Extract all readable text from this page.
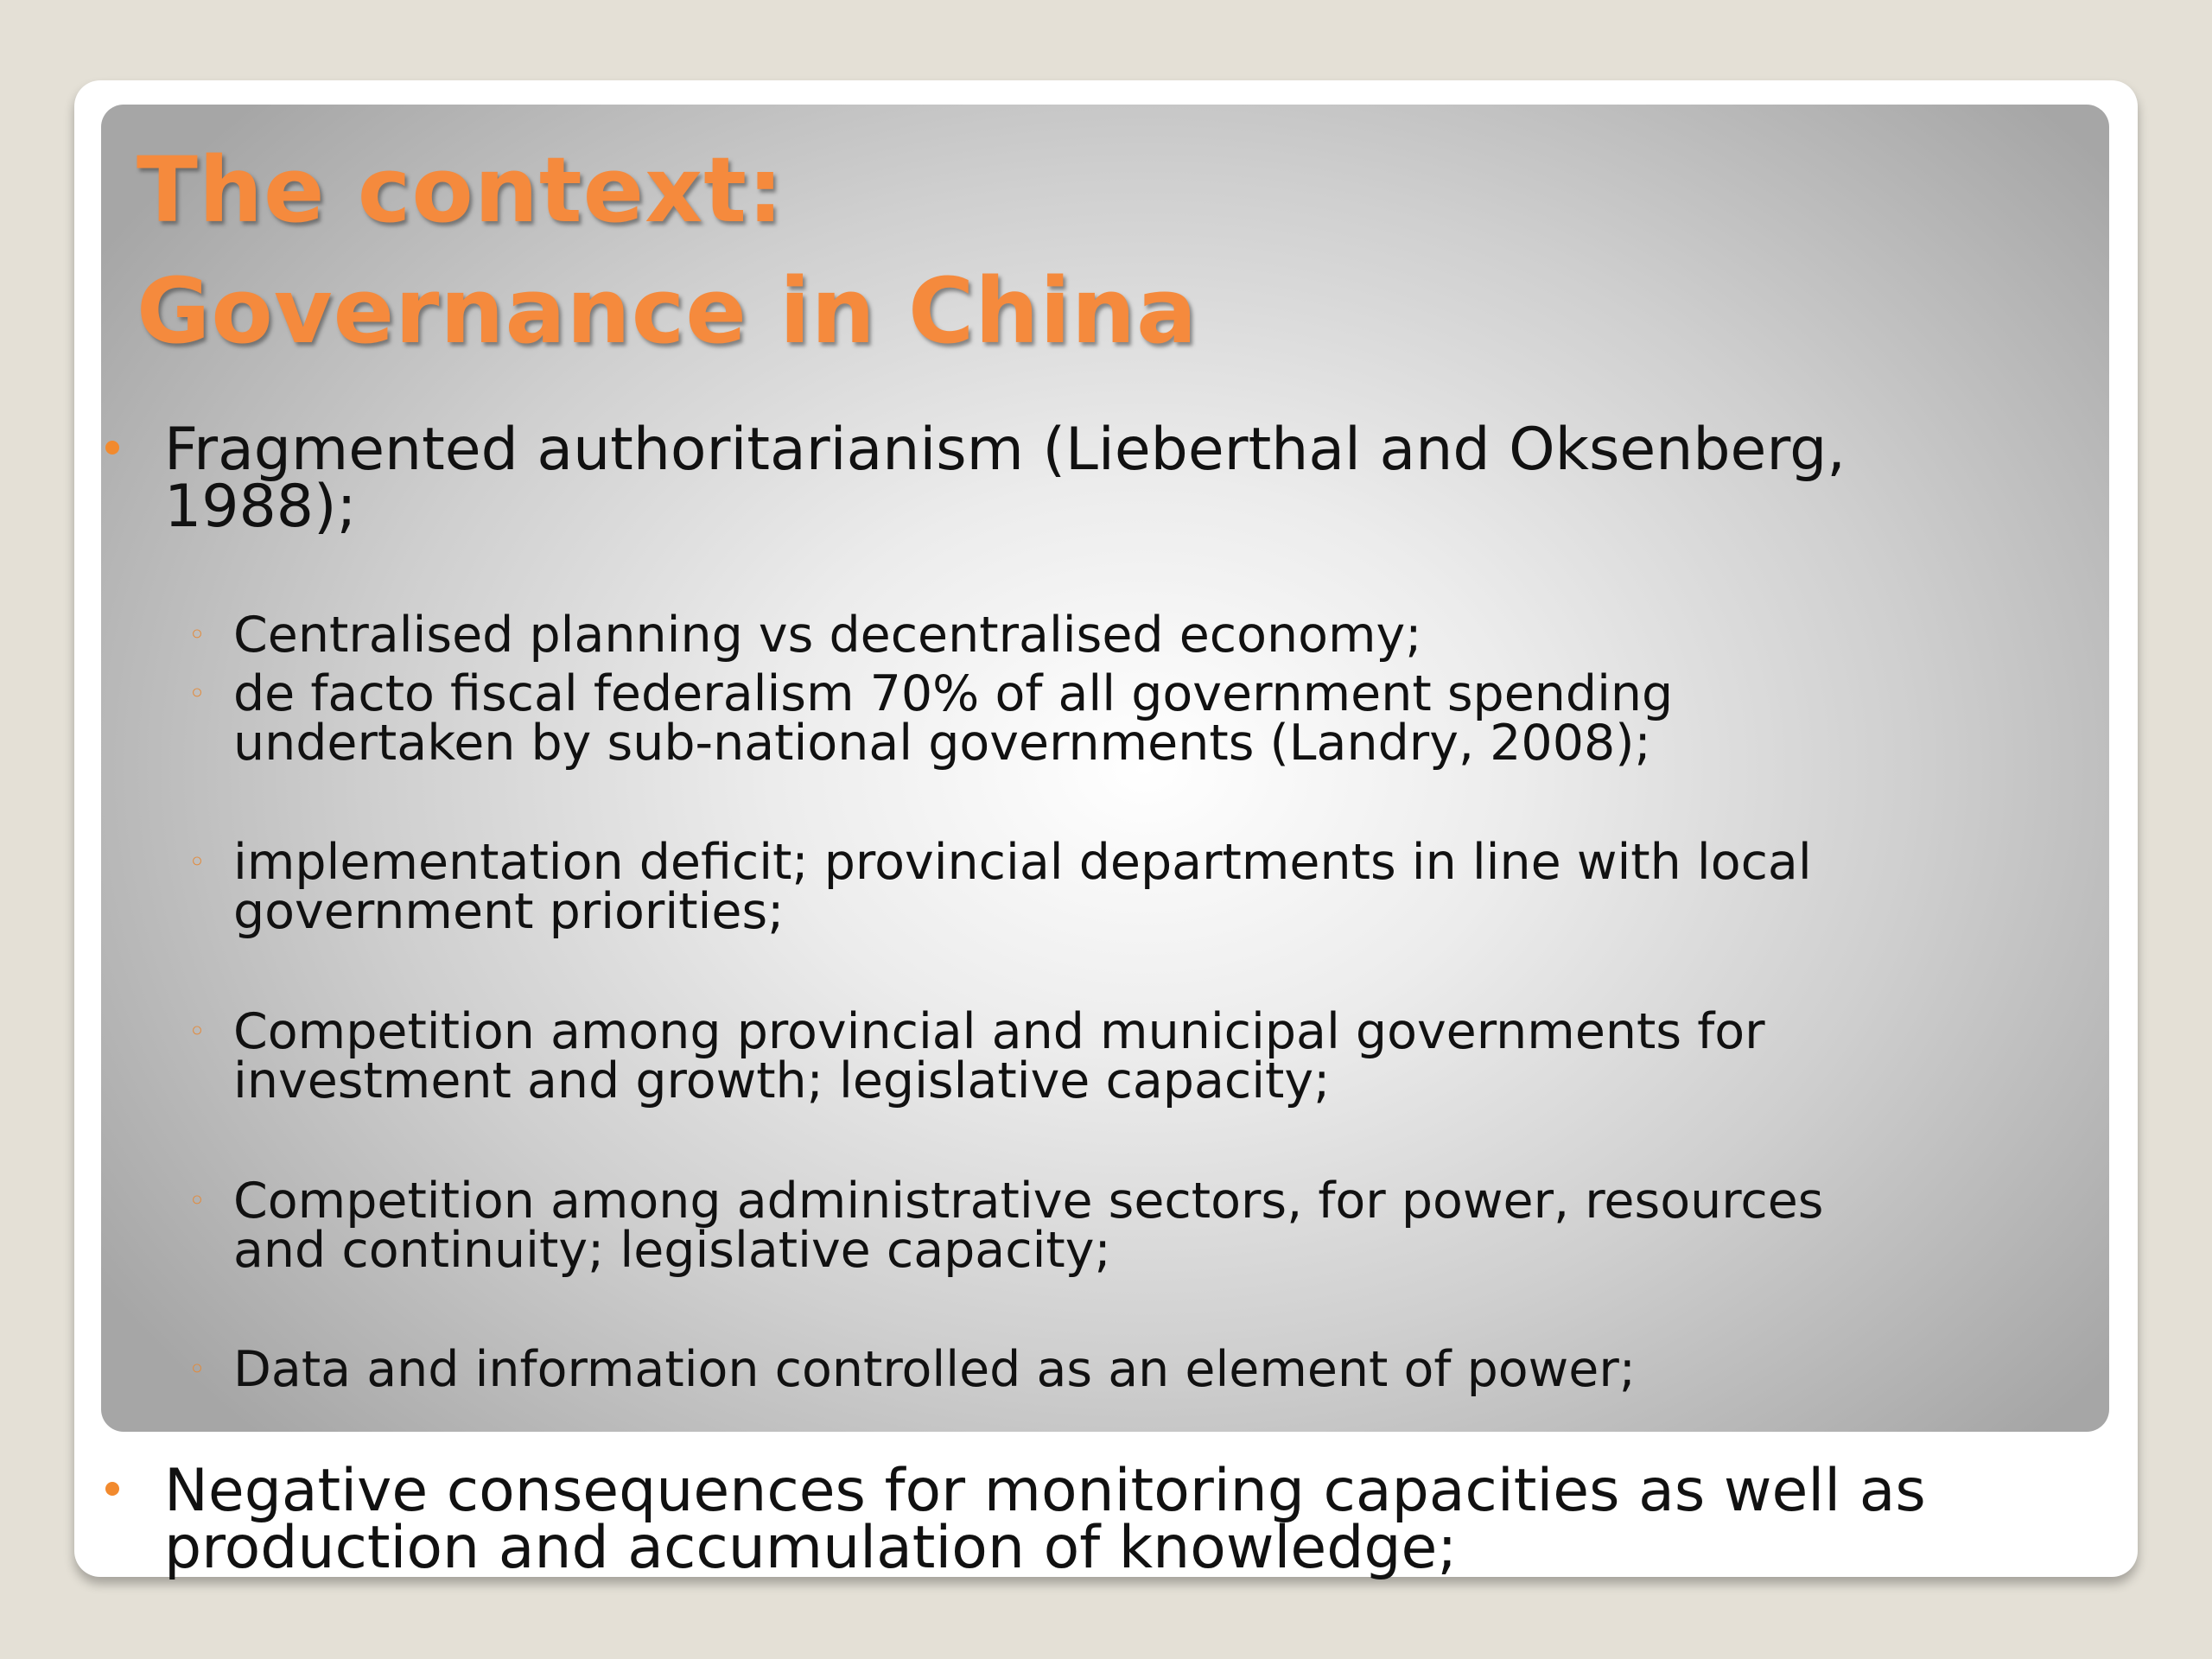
The context:
Governance in China
Fragmented authoritarianism (Lieberthal and Oksenberg,
1988);
◦ Centralised planning vs decentralised economy;
◦ de facto fiscal federalism 70% of all government spending
undertaken by sub-national governments (Landry, 2008);
◦ implementation deficit; provincial departments in line with local
government priorities;
◦ Competition among provincial and municipal governments for
investment and growth; legislative capacity;
◦ Competition among administrative sectors, for power, resources
and continuity; legislative capacity;
◦ Data and information controlled as an element of power;
Negative consequences for monitoring capacities as well as
production and accumulation of knowledge;
